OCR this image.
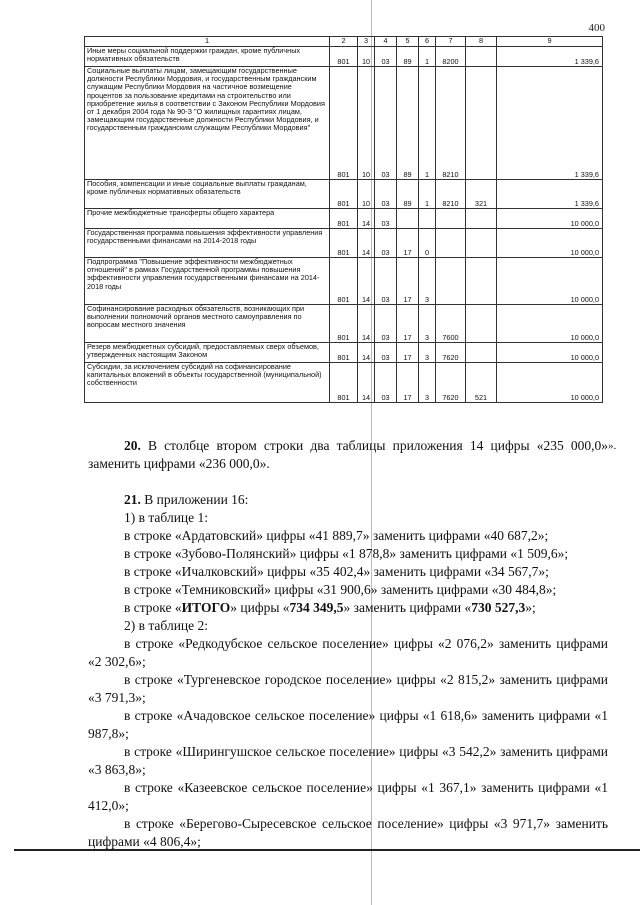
400
1	2	3	4	5	6	7	8	9
Иные меры социальной поддержки граждан, кроме публичных нормативных обязательств	801	10	03	89	1	8200		1 339,6
Социальные выплаты лицам, замещающим государственные должности Республики Мордовия, и государственным гражданским служащим Республики Мордовия на частичное возмещение процентов за пользование кредитами на строительство или приобретение жилья в соответствии с Законом Республики Мордовия от 1 декабря 2004 года № 90-З "О жилищных гарантиях лицам, замещающим государственные должности Республики Мордовия, и государственным гражданским служащим Республики Мордовия"	801	10	03	89	1	8210		1 339,6
Пособия, компенсации и иные социальные выплаты гражданам, кроме публичных нормативных обязательств	801	10	03	89	1	8210	321	1 339,6
Прочие межбюджетные трансферты общего характера	801	14	03					10 000,0
Государственная программа повышения эффективности управления государственными финансами на 2014-2018 годы	801	14	03	17	0			10 000,0
Подпрограмма "Повышение эффективности межбюджетных отношений" в рамках Государственной программы повышения эффективности управления государственными финансами на 2014-2018 годы	801	14	03	17	3			10 000,0
Софинансирование расходных обязательств, возникающих при выполнении полномочий органов местного самоуправления по вопросам местного значения	801	14	03	17	3	7600		10 000,0
Резерв межбюджетных субсидий, предоставляемых сверх объемов, утвержденных настоящим Законом	801	14	03	17	3	7620		10 000,0
Субсидии, за исключением субсидий на софинансирование капитальных вложений в объекты государственной (муниципальной) собственности	801	14	03	17	3	7620	521	10 000,0
».

20. В столбце втором строки два таблицы приложения 14 цифры «235 000,0» заменить цифрами «236 000,0».

21. В приложении 16:

1) в таблице 1:

в строке «Ардатовский» цифры «41 889,7» заменить цифрами «40 687,2»;

в строке «Зубово-Полянский» цифры «1 878,8» заменить цифрами «1 509,6»;

в строке «Ичалковский» цифры «35 402,4» заменить цифрами «34 567,7»;

в строке «Темниковский» цифры «31 900,6» заменить цифрами «30 484,8»;

в строке «ИТОГО» цифры «734 349,5» заменить цифрами «730 527,3»;

2) в таблице 2:

в строке «Редкодубское сельское поселение» цифры «2 076,2» заменить цифрами «2 302,6»;

в строке «Тургеневское городское поселение» цифры «2 815,2» заменить цифрами «3 791,3»;

в строке «Ачадовское сельское поселение» цифры «1 618,6» заменить цифрами «1 987,8»;

в строке «Ширингушское сельское поселение» цифры «3 542,2» заменить цифрами «3 863,8»;

в строке «Казеевское сельское поселение» цифры «1 367,1» заменить цифрами «1 412,0»;

в строке «Берегово-Сыресевское сельское поселение» цифры «3 971,7» заменить цифрами «4 806,4»;
